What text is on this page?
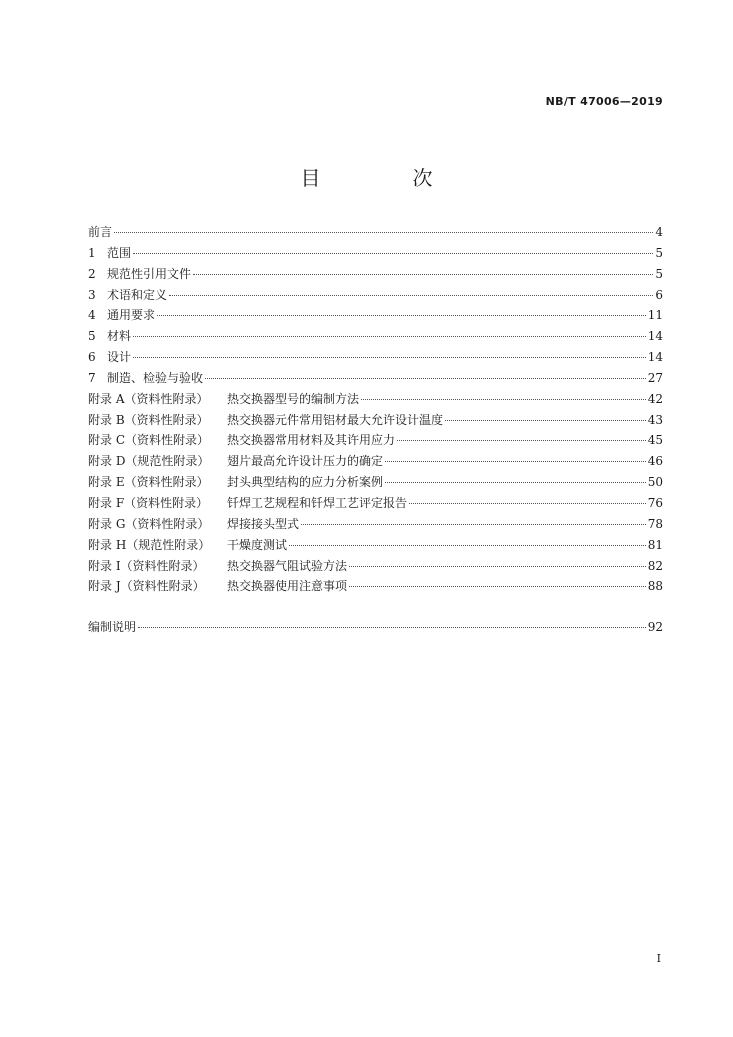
NB/T 47006—2019
目　次
前言	4
1 范围	5
2 规范性引用文件	5
3 术语和定义	6
4 通用要求	11
5 材料	14
6 设计	14
7 制造、检验与验收	27
附录 A（资料性附录）	热交换器型号的编制方法	42
附录 B（资料性附录）	热交换器元件常用铝材最大允许设计温度	43
附录 C（资料性附录）	热交换器常用材料及其许用应力	45
附录 D（规范性附录）	翅片最高允许设计压力的确定	46
附录 E（资料性附录）	封头典型结构的应力分析案例	50
附录 F（资料性附录）	钎焊工艺规程和钎焊工艺评定报告	76
附录 G（资料性附录）	焊接接头型式	78
附录 H（规范性附录）	干燥度测试	81
附录 I（资料性附录）	热交换器气阻试验方法	82
附录 J（资料性附录）	热交换器使用注意事项	88
编制说明	92
I
